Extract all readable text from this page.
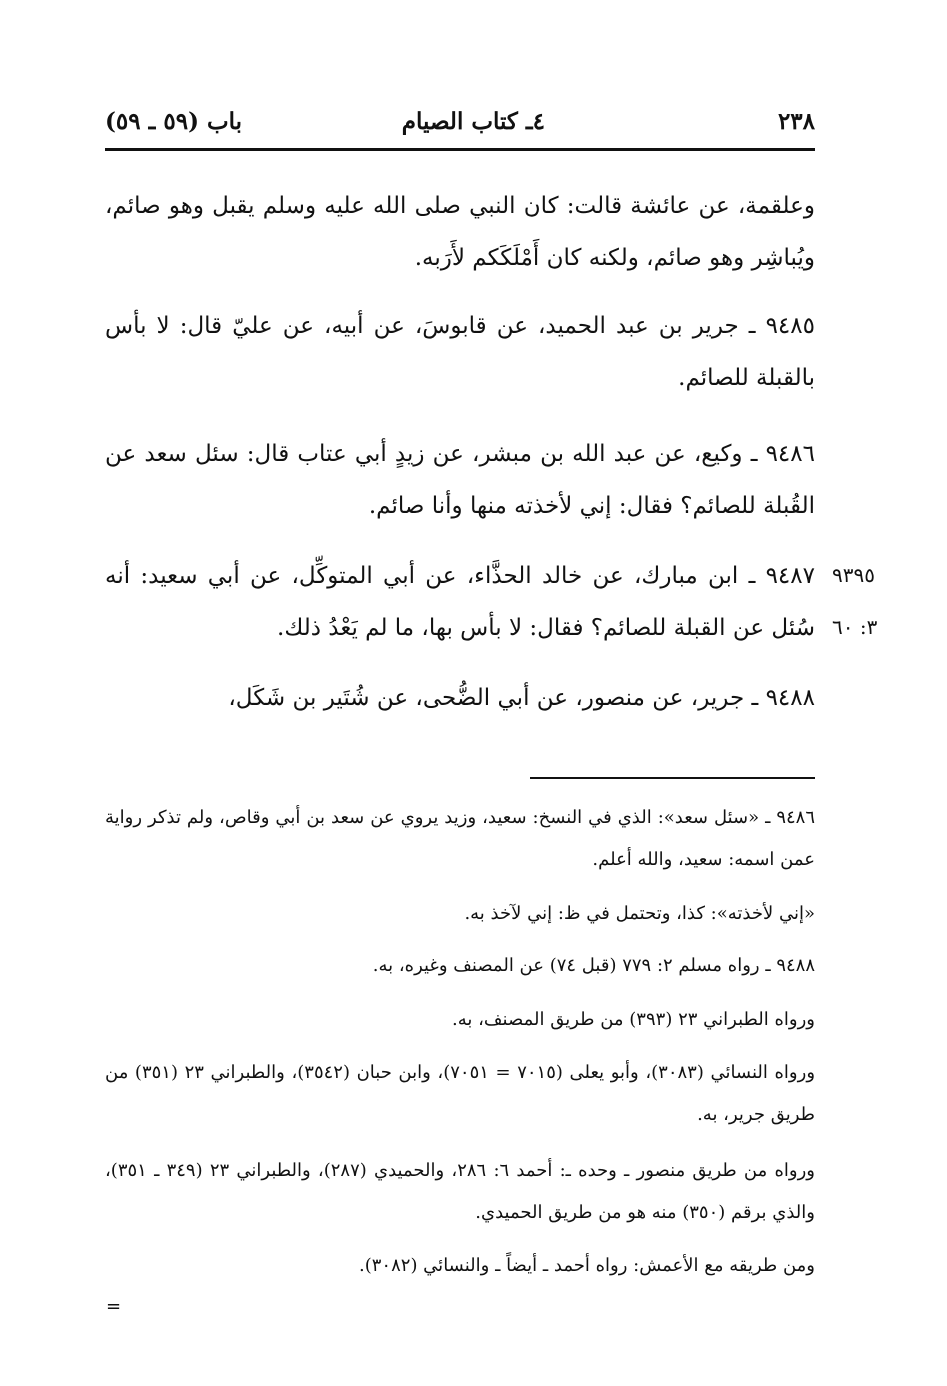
٢٣٨
٤ـ كتاب الصيام
باب (٥٩ ـ ٥٩)
وعلقمة، عن عائشة قالت: كان النبي صلى الله عليه وسلم يقبل وهو صائم، ويُباشِر وهو صائم، ولكنه كان أَمْلَكَكم لأَرَبه.
٩٤٨٥ ـ جرير بن عبد الحميد، عن قابوسَ، عن أبيه، عن عليّ قال: لا بأس بالقبلة للصائم.
٩٤٨٦ ـ وكيع، عن عبد الله بن مبشر، عن زيدٍ أبي عتاب قال: سئل سعد عن القُبلة للصائم؟ فقال: إني لأخذته منها وأنا صائم.
٩٤٨٧ ـ ابن مبارك، عن خالد الحذَّاء، عن أبي المتوكِّل، عن أبي سعيد: أنه سُئل عن القبلة للصائم؟ فقال: لا بأس بها، ما لم يَعْدُ ذلك.
٩٤٨٨ ـ جرير، عن منصور، عن أبي الضُّحى، عن شُتَير بن شَكَل،
٩٣٩٥
٣: ٦٠
٩٤٨٦ ـ «سئل سعد»: الذي في النسخ: سعيد، وزيد يروي عن سعد بن أبي وقاص، ولم تذكر رواية عمن اسمه: سعيد، والله أعلم.
«إني لأخذته»: كذا، وتحتمل في ظ: إني لآخذ به.
٩٤٨٨ ـ رواه مسلم ٢: ٧٧٩ (قبل ٧٤) عن المصنف وغيره، به.
ورواه الطبراني ٢٣ (٣٩٣) من طريق المصنف، به.
ورواه النسائي (٣٠٨٣)، وأبو يعلى (٧٠١٥ = ٧٠٥١)، وابن حبان (٣٥٤٢)، والطبراني ٢٣ (٣٥١) من طريق جرير، به.
ورواه من طريق منصور ـ وحده ـ: أحمد ٦: ٢٨٦، والحميدي (٢٨٧)، والطبراني ٢٣ (٣٤٩ ـ ٣٥١)، والذي برقم (٣٥٠) منه هو من طريق الحميدي.
ومن طريقه مع الأعمش: رواه أحمد ـ أيضاً ـ والنسائي (٣٠٨٢).
=
